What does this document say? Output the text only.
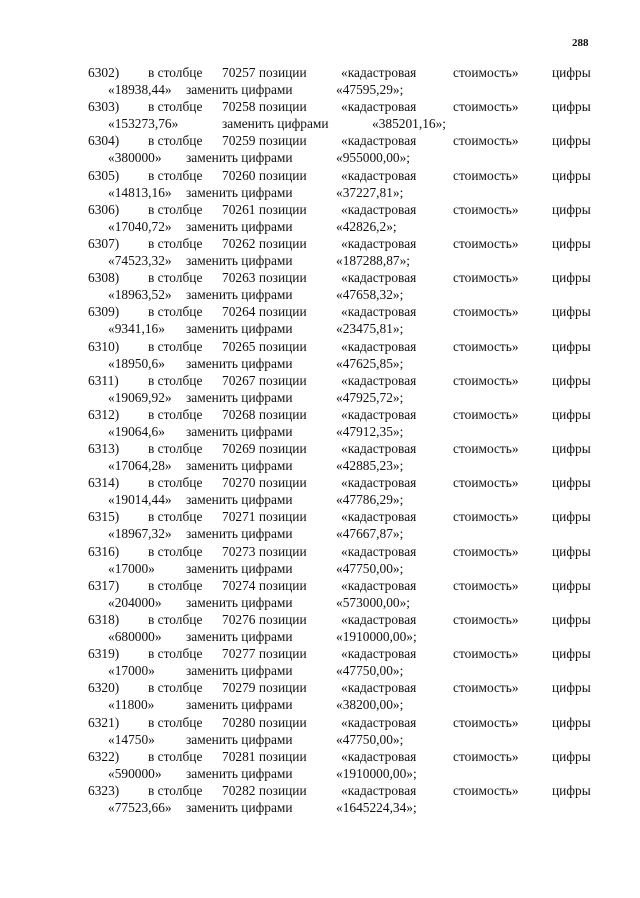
288
6302) в столбце 70257 позиции	«кадастровая	стоимость» цифры
«18938,44» заменить цифрами	«47595,29»;
6303) в столбце 70258 позиции	«кадастровая	стоимость» цифры
«153273,76»	заменить цифрами	«385201,16»;
6304) в столбце 70259 позиции	«кадастровая	стоимость» цифры
«380000» заменить цифрами	«955000,00»;
6305) в столбце 70260 позиции	«кадастровая	стоимость» цифры
«14813,16» заменить цифрами	«37227,81»;
6306) в столбце 70261 позиции	«кадастровая	стоимость» цифры
«17040,72» заменить цифрами	«42826,2»;
6307) в столбце 70262 позиции	«кадастровая	стоимость» цифры
«74523,32» заменить цифрами	«187288,87»;
6308) в столбце 70263 позиции	«кадастровая	стоимость» цифры
«18963,52» заменить цифрами	«47658,32»;
6309) в столбце 70264 позиции	«кадастровая	стоимость» цифры
«9341,16» заменить цифрами	«23475,81»;
6310) в столбце 70265 позиции	«кадастровая	стоимость» цифры
«18950,6» заменить цифрами	«47625,85»;
6311) в столбце 70267 позиции	«кадастровая	стоимость» цифры
«19069,92» заменить цифрами	«47925,72»;
6312) в столбце 70268 позиции	«кадастровая	стоимость» цифры
«19064,6» заменить цифрами	«47912,35»;
6313) в столбце 70269 позиции	«кадастровая	стоимость» цифры
«17064,28» заменить цифрами	«42885,23»;
6314) в столбце 70270 позиции	«кадастровая	стоимость» цифры
«19014,44» заменить цифрами	«47786,29»;
6315) в столбце 70271 позиции	«кадастровая	стоимость» цифры
«18967,32» заменить цифрами	«47667,87»;
6316) в столбце 70273 позиции	«кадастровая	стоимость» цифры
«17000» заменить цифрами	«47750,00»;
6317) в столбце 70274 позиции	«кадастровая	стоимость» цифры
«204000» заменить цифрами	«573000,00»;
6318) в столбце 70276 позиции	«кадастровая	стоимость» цифры
«680000» заменить цифрами	«1910000,00»;
6319) в столбце 70277 позиции	«кадастровая	стоимость» цифры
«17000» заменить цифрами	«47750,00»;
6320) в столбце 70279 позиции	«кадастровая	стоимость» цифры
«11800» заменить цифрами	«38200,00»;
6321) в столбце 70280 позиции	«кадастровая	стоимость» цифры
«14750» заменить цифрами	«47750,00»;
6322) в столбце 70281 позиции	«кадастровая	стоимость» цифры
«590000» заменить цифрами	«1910000,00»;
6323) в столбце 70282 позиции	«кадастровая	стоимость» цифры
«77523,66» заменить цифрами	«1645224,34»;
